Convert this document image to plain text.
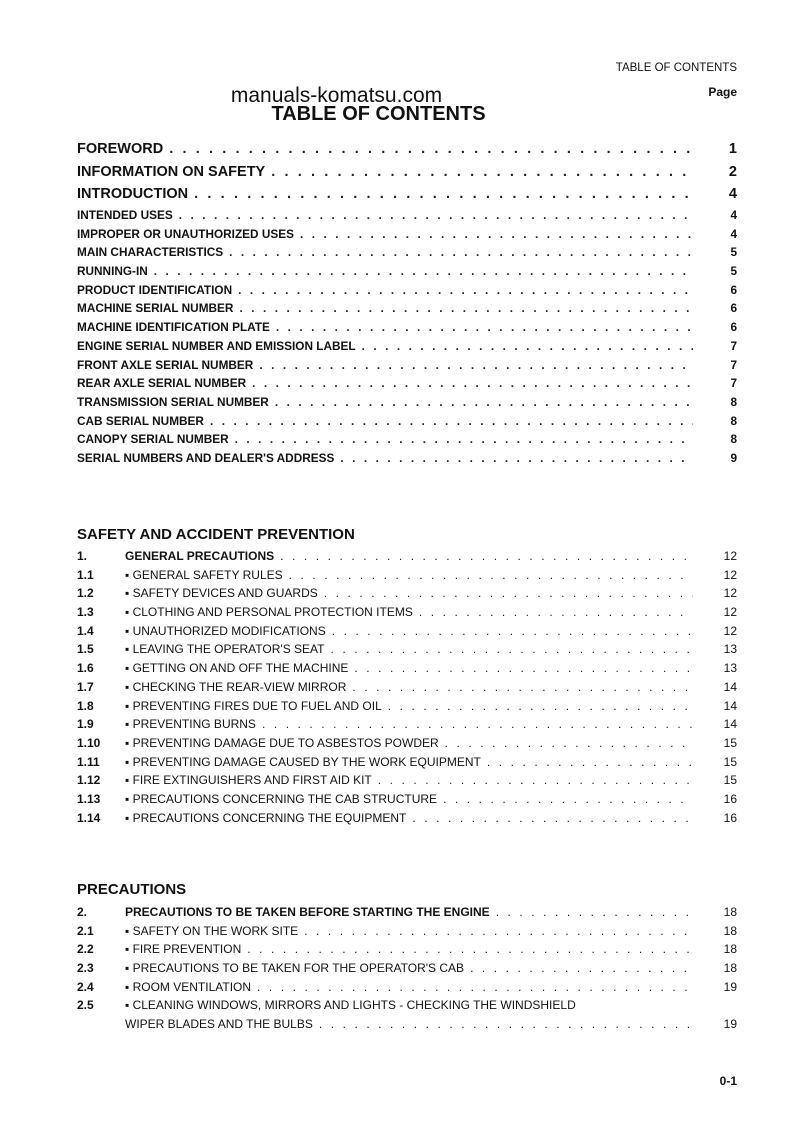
TABLE OF CONTENTS
Page
manuals-komatsu.com
TABLE OF CONTENTS
FOREWORD . . .	1
INFORMATION ON SAFETY . . .	2
INTRODUCTION . . .	4
INTENDED USES . . .	4
IMPROPER OR UNAUTHORIZED USES . . .	4
MAIN CHARACTERISTICS . . .	5
RUNNING-IN . . .	5
PRODUCT IDENTIFICATION . . .	6
MACHINE SERIAL NUMBER . . .	6
MACHINE IDENTIFICATION PLATE . . .	6
ENGINE SERIAL NUMBER AND EMISSION LABEL . . .	7
FRONT AXLE SERIAL NUMBER . . .	7
REAR AXLE SERIAL NUMBER . . .	7
TRANSMISSION SERIAL NUMBER . . .	8
CAB SERIAL NUMBER . . .	8
CANOPY SERIAL NUMBER . . .	8
SERIAL NUMBERS AND DEALER'S ADDRESS . . .	9
SAFETY AND ACCIDENT PREVENTION
1.	GENERAL PRECAUTIONS . . .	12
1.1	▪ GENERAL SAFETY RULES . . .	12
1.2	▪ SAFETY DEVICES AND GUARDS . . .	12
1.3	▪ CLOTHING AND PERSONAL PROTECTION ITEMS . . .	12
1.4	▪ UNAUTHORIZED MODIFICATIONS . . .	12
1.5	▪ LEAVING THE OPERATOR'S SEAT . . .	13
1.6	▪ GETTING ON AND OFF THE MACHINE . . .	13
1.7	▪ CHECKING THE REAR-VIEW MIRROR . . .	14
1.8	▪ PREVENTING FIRES DUE TO FUEL AND OIL . . .	14
1.9	▪ PREVENTING BURNS . . .	14
1.10	▪ PREVENTING DAMAGE DUE TO ASBESTOS POWDER . . .	15
1.11	▪ PREVENTING DAMAGE CAUSED BY THE WORK EQUIPMENT . . .	15
1.12	▪ FIRE EXTINGUISHERS AND FIRST AID KIT . . .	15
1.13	▪ PRECAUTIONS CONCERNING THE CAB STRUCTURE . . .	16
1.14	▪ PRECAUTIONS CONCERNING THE EQUIPMENT . . .	16
PRECAUTIONS
2.	PRECAUTIONS TO BE TAKEN BEFORE STARTING THE ENGINE . . .	18
2.1	▪ SAFETY ON THE WORK SITE . . .	18
2.2	▪ FIRE PREVENTION . . .	18
2.3	▪ PRECAUTIONS TO BE TAKEN FOR THE OPERATOR'S CAB . . .	18
2.4	▪ ROOM VENTILATION . . .	19
2.5	▪ CLEANING WINDOWS, MIRRORS AND LIGHTS - CHECKING THE WINDSHIELD
WIPER BLADES AND THE BULBS . . .	19
0-1
